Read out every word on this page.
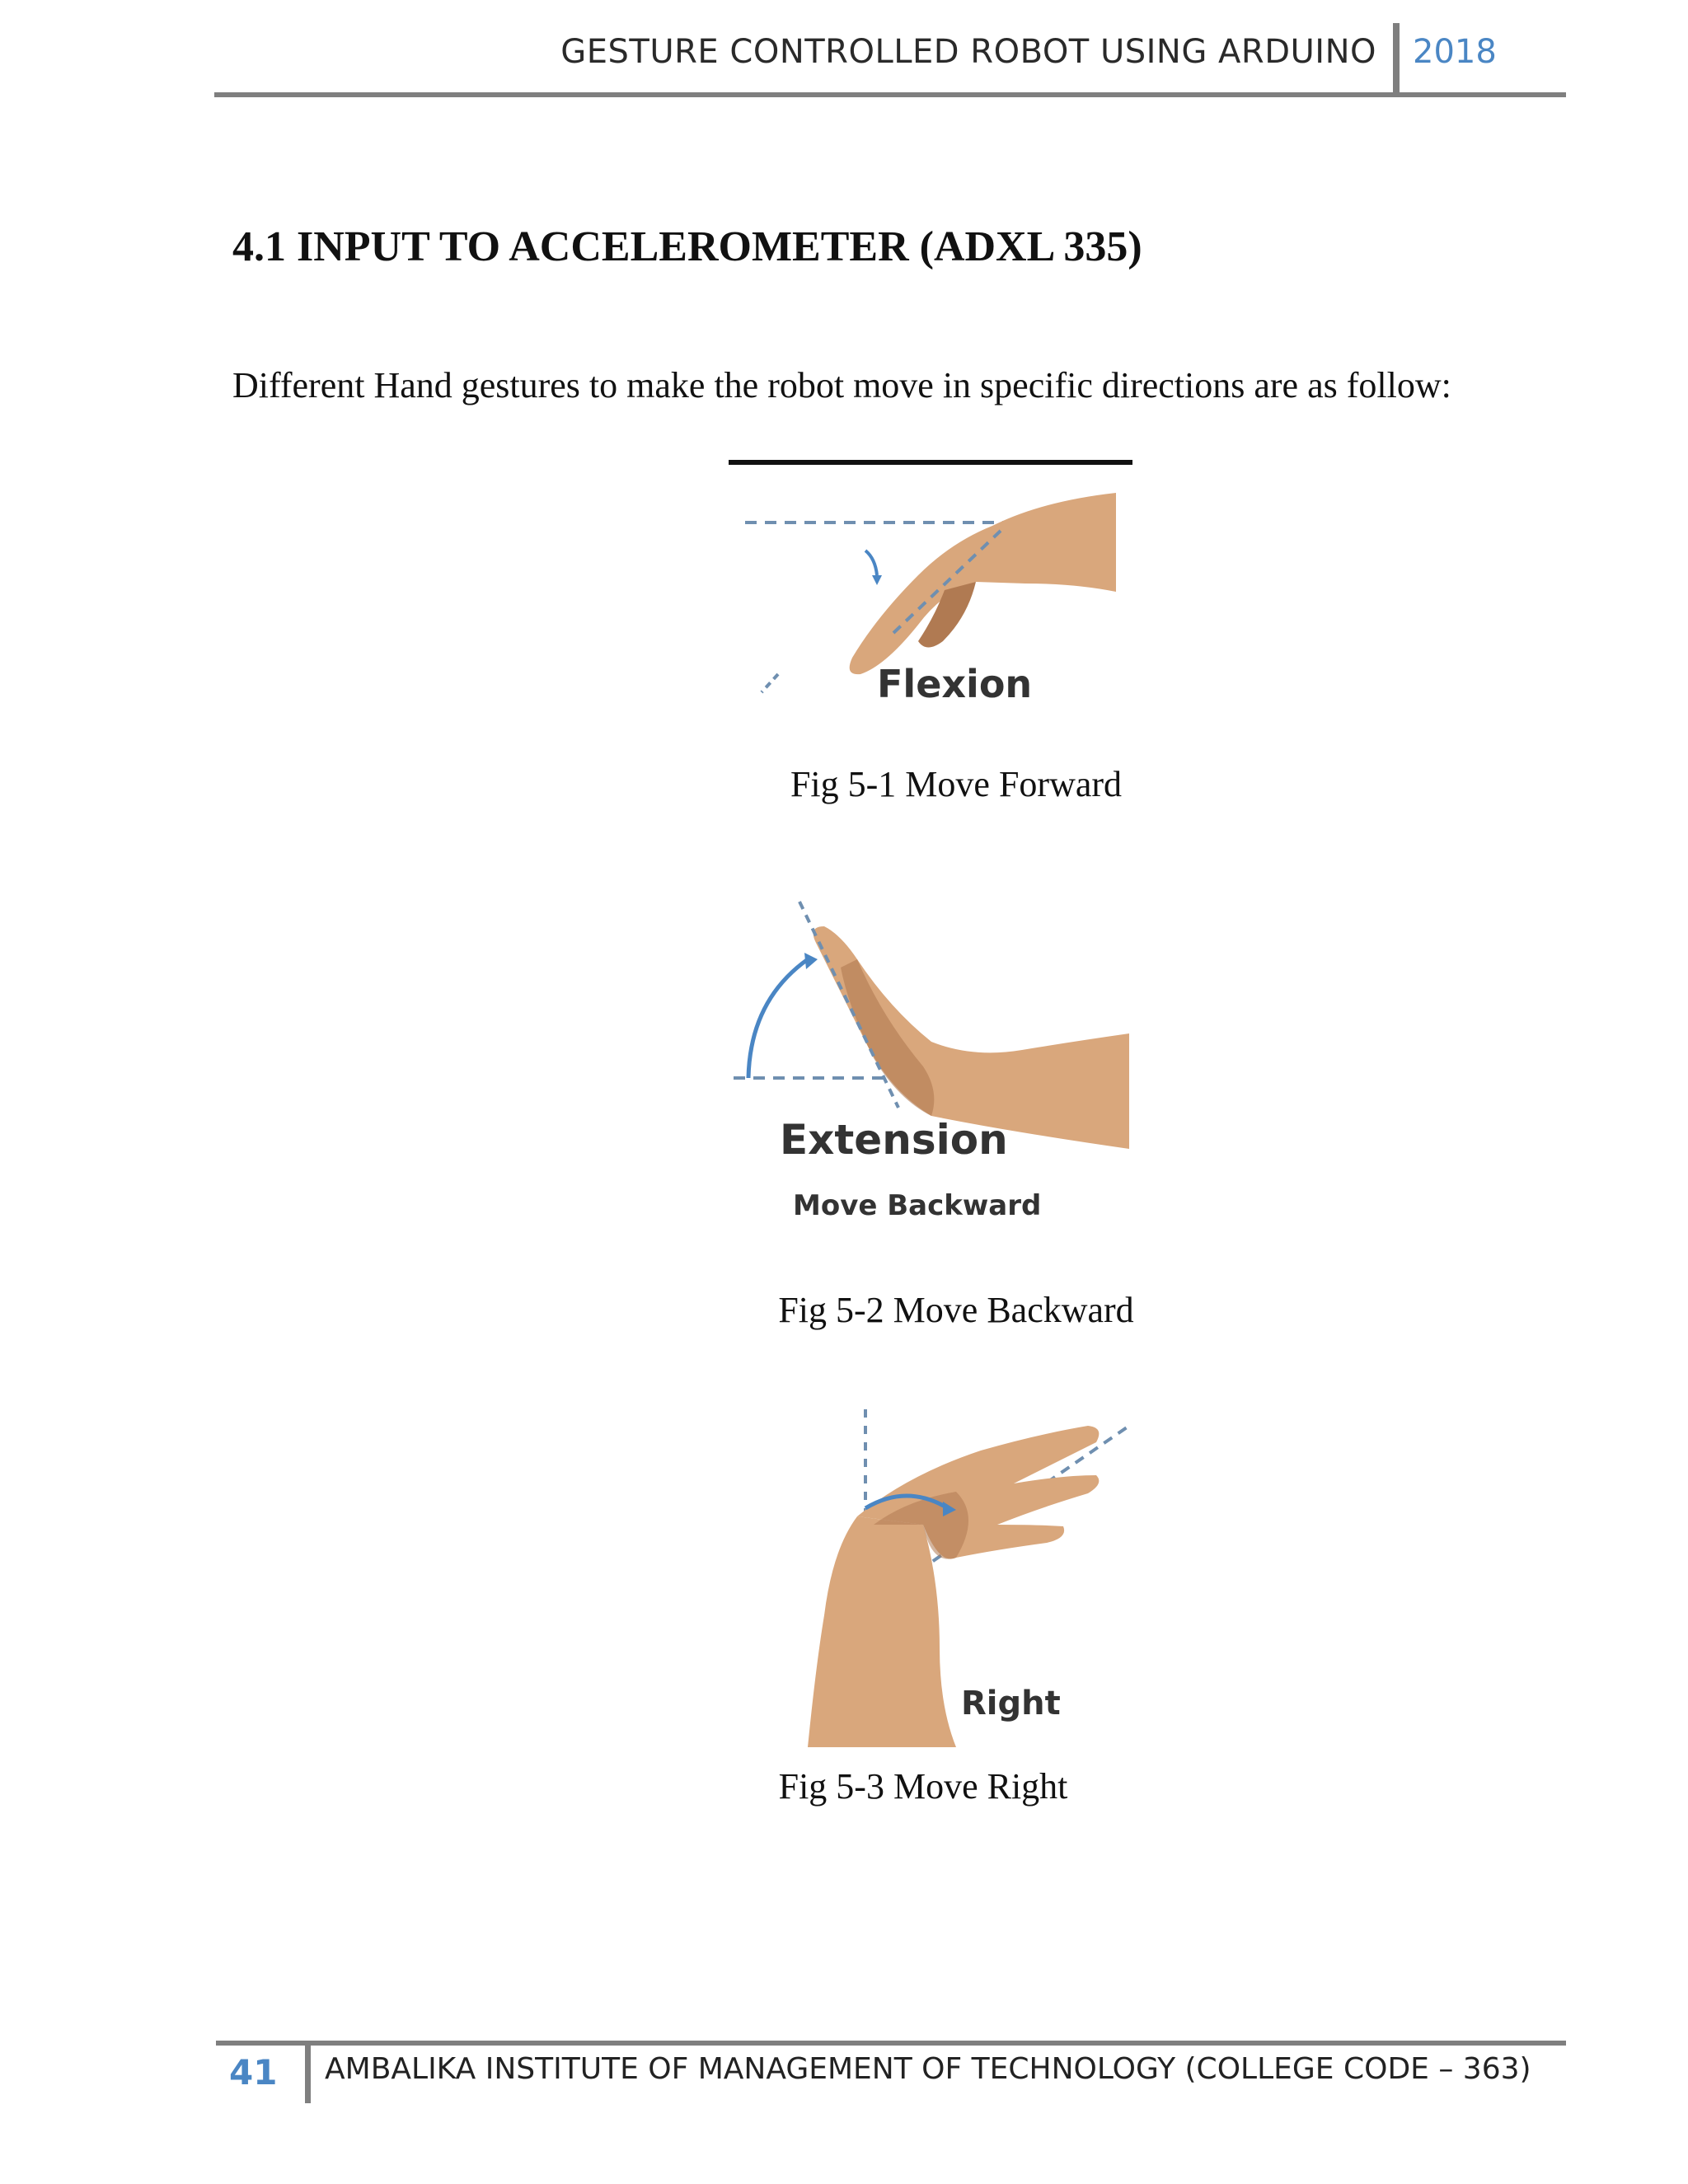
GESTURE CONTROLLED ROBOT USING ARDUINO 2018
4.1 INPUT TO ACCELEROMETER (ADXL 335)
Different Hand gestures to make the robot move in specific directions are as follow:
Flexion
Fig 5-1 Move Forward
Extension
Move Backward
Fig 5-2 Move Backward
Right
Fig 5-3 Move Right
41 AMBALIKA INSTITUTE OF MANAGEMENT OF TECHNOLOGY (COLLEGE CODE – 363)
